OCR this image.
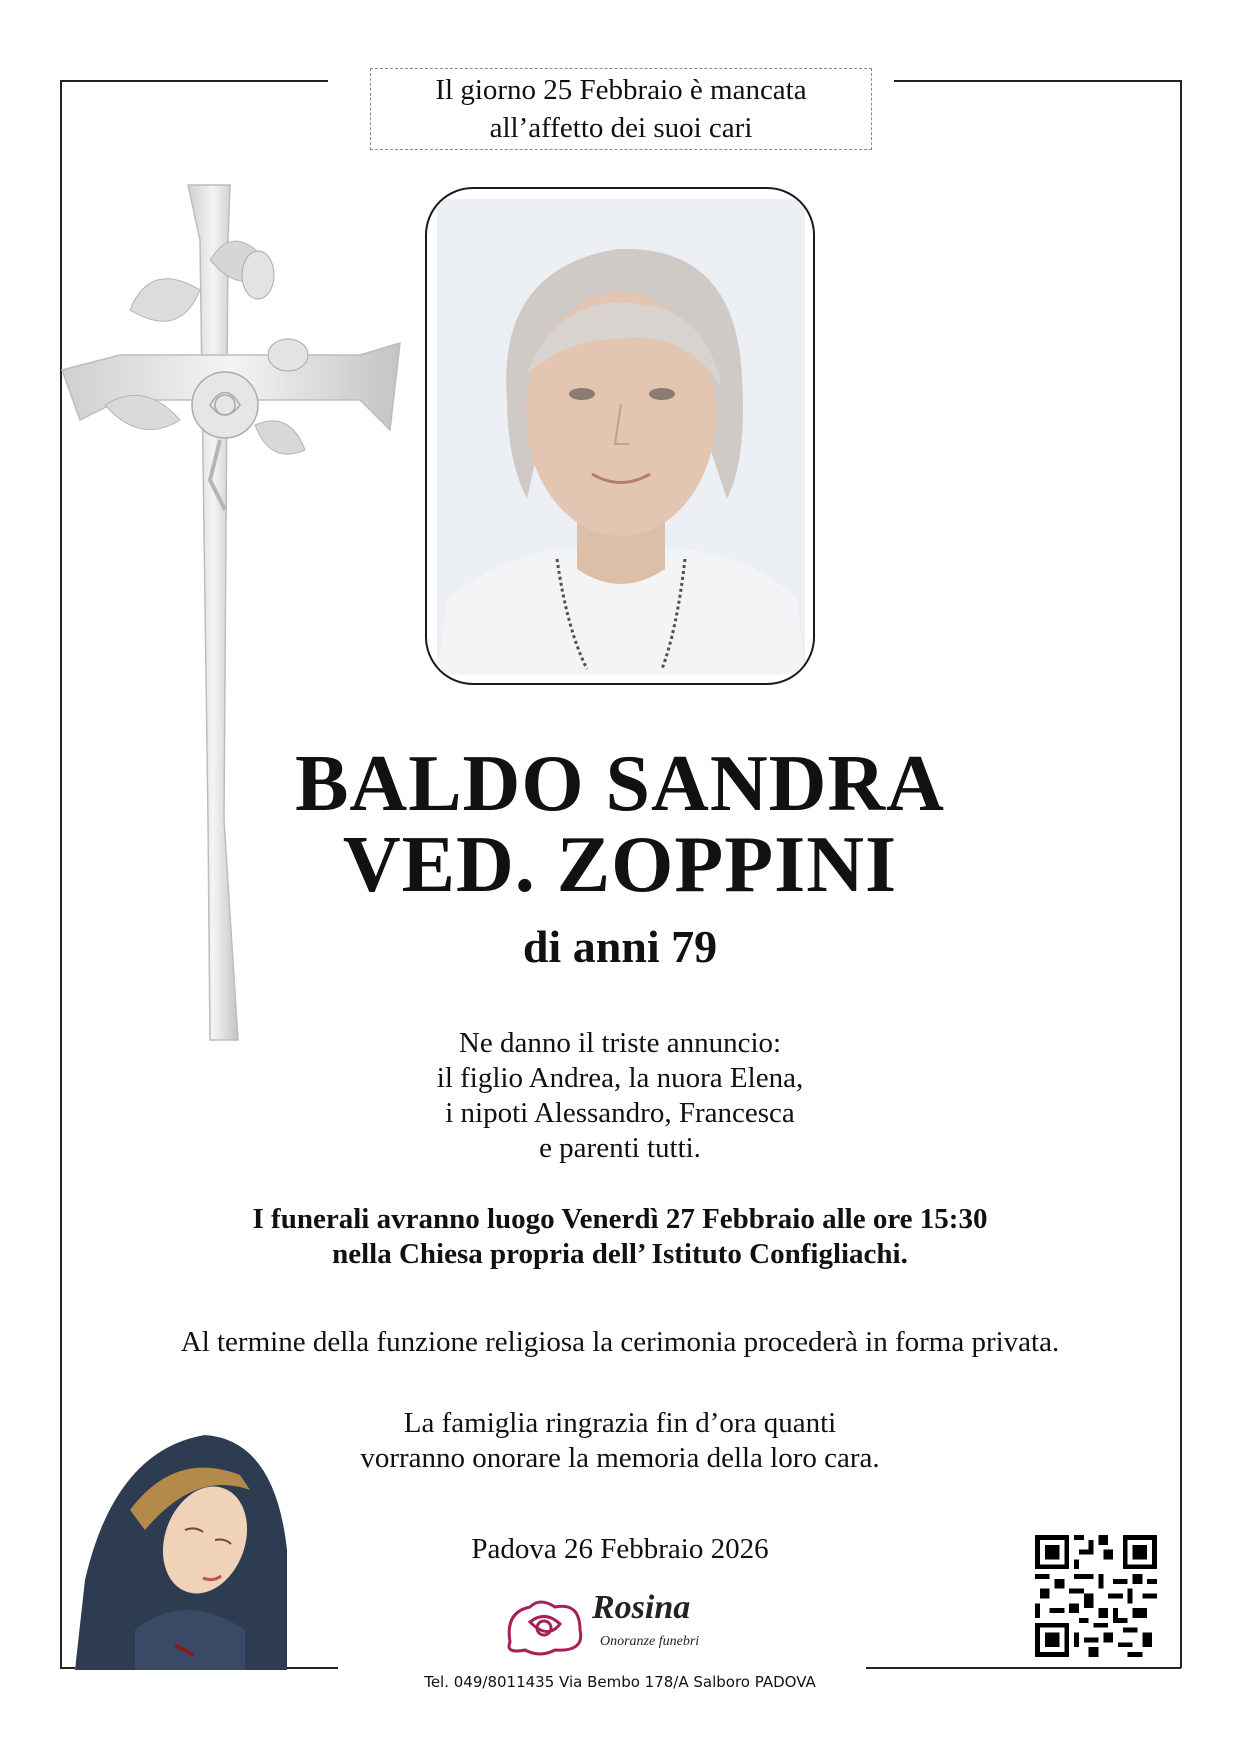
Il giorno 25 Febbraio è mancata
all’affetto dei suoi cari
BALDO SANDRA
VED. ZOPPINI
di anni 79
Ne danno il triste annuncio:
il figlio Andrea, la nuora Elena,
i nipoti Alessandro, Francesca
e parenti tutti.
I funerali avranno luogo Venerdì 27 Febbraio alle ore 15:30
nella Chiesa propria dell’ Istituto Configliachi.
Al termine della funzione religiosa la cerimonia procederà in forma privata.
La famiglia ringrazia fin d’ora quanti
vorranno onorare la memoria della loro cara.
Padova 26 Febbraio 2026
Rosina
Onoranze funebri
Tel. 049/8011435 Via Bembo 178/A Salboro PADOVA
